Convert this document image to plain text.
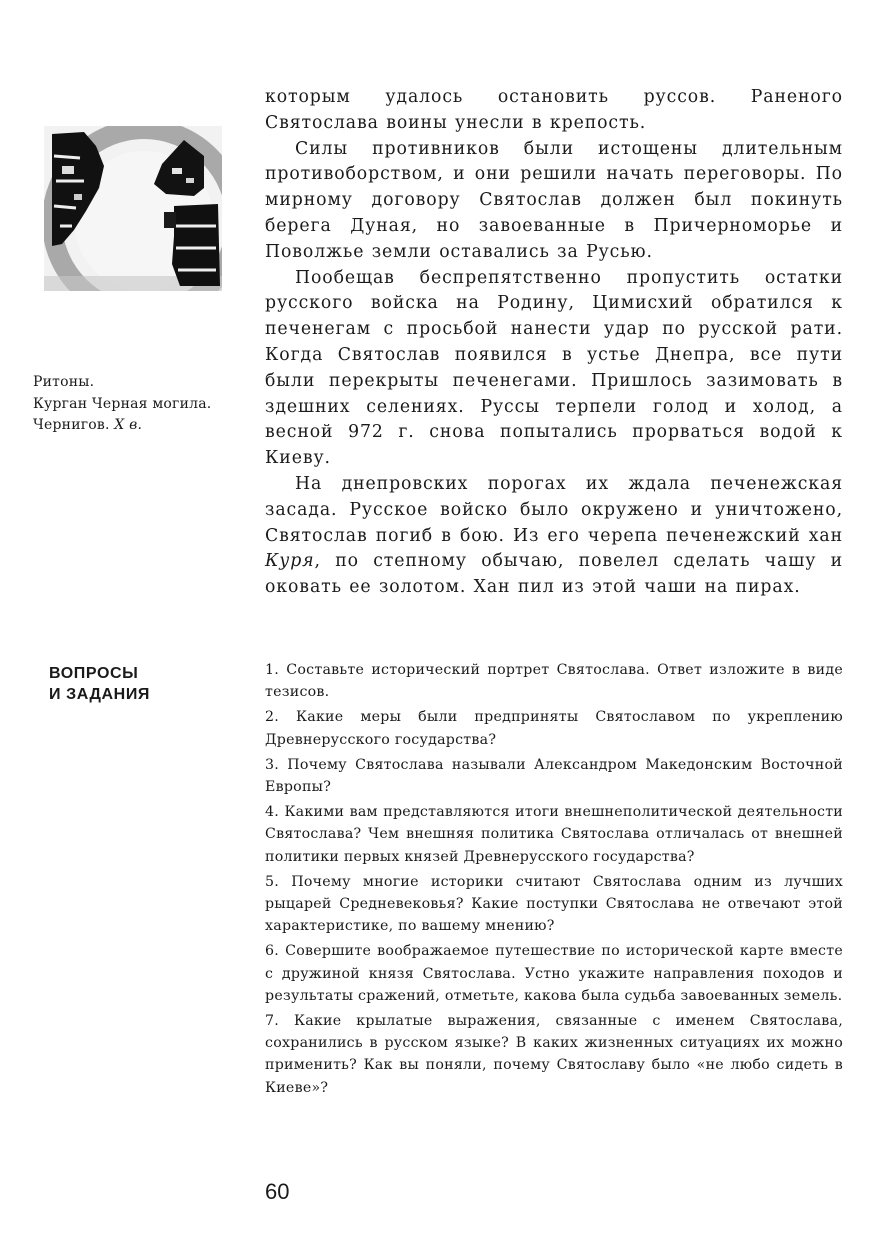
Ритоны.
Курган Черная могила.
Чернигов. X в.

которым удалось остановить руссов. Раненого Святослава воины унесли в крепость.

Силы противников были истощены длительным противоборством, и они решили начать переговоры. По мирному договору Святослав должен был покинуть берега Дуная, но завоеванные в Причерноморье и Поволжье земли оставались за Русью.

Пообещав беспрепятственно пропустить остатки русского войска на Родину, Цимисхий обратился к печенегам с просьбой нанести удар по русской рати. Когда Святослав появился в устье Днепра, все пути были перекрыты печенегами. Пришлось зазимовать в здешних селениях. Руссы терпели голод и холод, а весной 972 г. снова попытались прорваться водой к Киеву.

На днепровских порогах их ждала печенежская засада. Русское войско было окружено и уничтожено, Святослав погиб в бою. Из его черепа печенежский хан Куря, по степному обычаю, повелел сделать чашу и оковать ее золотом. Хан пил из этой чаши на пирах.

ВОПРОСЫ
И ЗАДАНИЯ

1. Составьте исторический портрет Святослава. Ответ изложите в виде тезисов.

2. Какие меры были предприняты Святославом по укреплению Древнерусского государства?

3. Почему Святослава называли Александром Македонским Восточной Европы?

4. Какими вам представляются итоги внешнеполитической деятельности Святослава? Чем внешняя политика Святослава отличалась от внешней политики первых князей Древнерусского государства?

5. Почему многие историки считают Святослава одним из лучших рыцарей Средневековья? Какие поступки Святослава не отвечают этой характеристике, по вашему мнению?

6. Совершите воображаемое путешествие по исторической карте вместе с дружиной князя Святослава. Устно укажите направления походов и результаты сражений, отметьте, какова была судьба завоеванных земель.

7. Какие крылатые выражения, связанные с именем Святослава, сохранились в русском языке? В каких жизненных ситуациях их можно применить? Как вы поняли, почему Святославу было «не любо сидеть в Киеве»?

60
